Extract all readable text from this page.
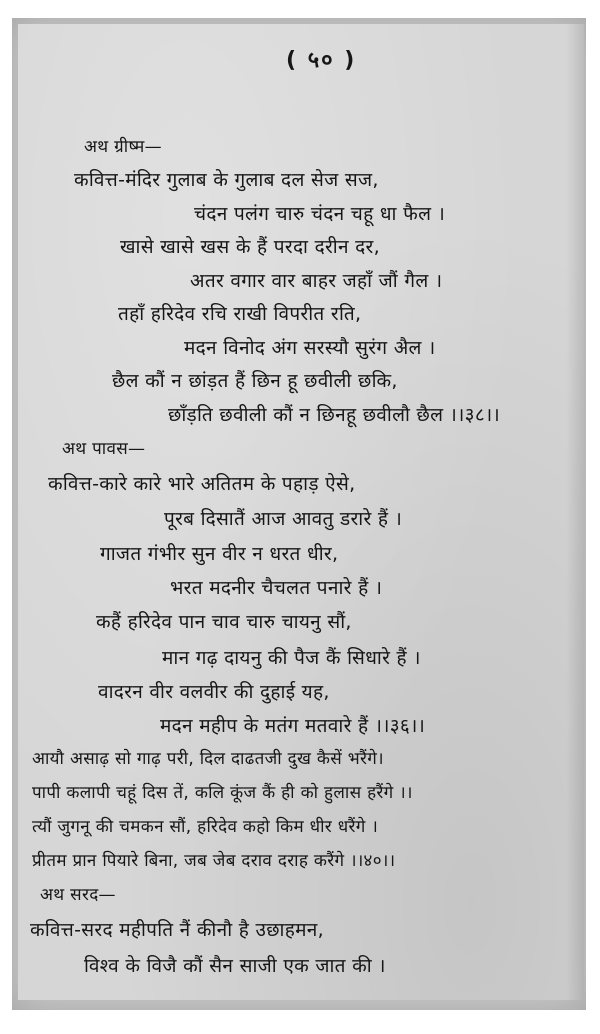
( ५० )
अथ ग्रीष्म—
कवित्त-मंदिर गुलाब के गुलाब दल सेज सज,
चंदन पलंग चारु चंदन चहू धा फैल ।
खासे खासे खस के हैं परदा दरीन दर,
अतर वगार वार बाहर जहाँ जौं गैल ।
तहाँ हरिदेव रचि राखी विपरीत रति,
मदन विनोद अंग सरस्यौ सुरंग अैल ।
छैल कौं न छांड़त हैं छिन हू छवीली छकि,
छाँड़ति छवीली कौं न छिनहू छवीलौ छैल ।।३८।।
अथ पावस—
कवित्त-कारे कारे भारे अतितम के पहाड़ ऐसे,
पूरब दिसातैं आज आवतु डरारे हैं ।
गाजत गंभीर सुन वीर न धरत धीर,
भरत मदनीर चैचलत पनारे हैं ।
कहैं हरिदेव पान चाव चारु चायनु सौं,
मान गढ़ दायनु की पैज कैं सिधारे हैं ।
वादरन वीर वलवीर की दुहाई यह,
मदन महीप के मतंग मतवारे हैं ।।३६।।
आयौ असाढ़ सो गाढ़ परी, दिल दाढतजी दुख कैसें भरैंगे।
पापी कलापी चहूं दिस तें, कलि कूंज कैं ही को हुलास हरैंगे ।।
त्यौं जुगनू की चमकन सौं, हरिदेव कहो किम धीर धरैंगे ।
प्रीतम प्रान पियारे बिना, जब जेब दराव दराह करैंगे ।।४०।।
अथ सरद—
कवित्त-सरद महीपति नैं कीनौ है उछाहमन,
विश्व के विजै कौं सैन साजी एक जात की ।
